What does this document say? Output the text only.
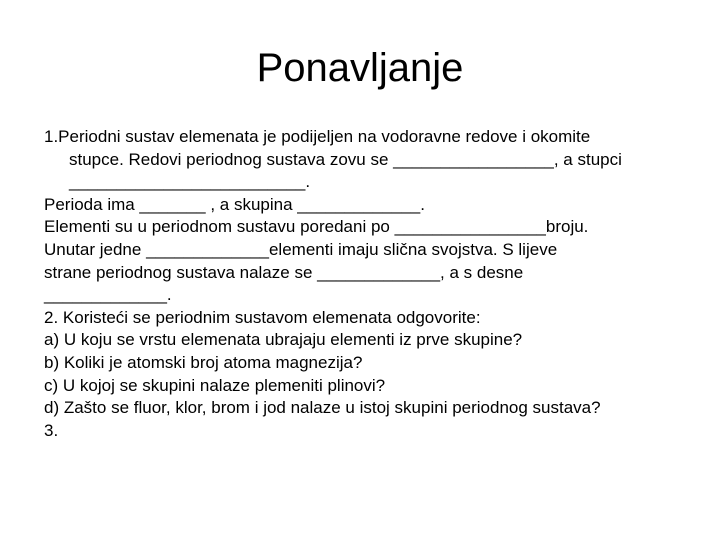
Ponavljanje

1.Periodni sustav elemenata je podijeljen na vodoravne redove i okomite

stupce. Redovi periodnog sustava zovu se _________________, a stupci

_________________________.

Perioda ima _______ , a skupina _____________.

Elementi su u periodnom sustavu poredani po ________________broju.

Unutar jedne _____________elementi imaju slična svojstva. S lijeve

strane periodnog sustava nalaze se _____________, a s desne

_____________.

2. Koristeći se periodnim sustavom elemenata odgovorite:

a) U koju se vrstu elemenata ubrajaju elementi iz prve skupine?

b) Koliki je atomski broj atoma magnezija?

c) U kojoj se skupini nalaze plemeniti plinovi?

d) Zašto se fluor, klor, brom i jod nalaze u istoj skupini periodnog sustava?

3.
